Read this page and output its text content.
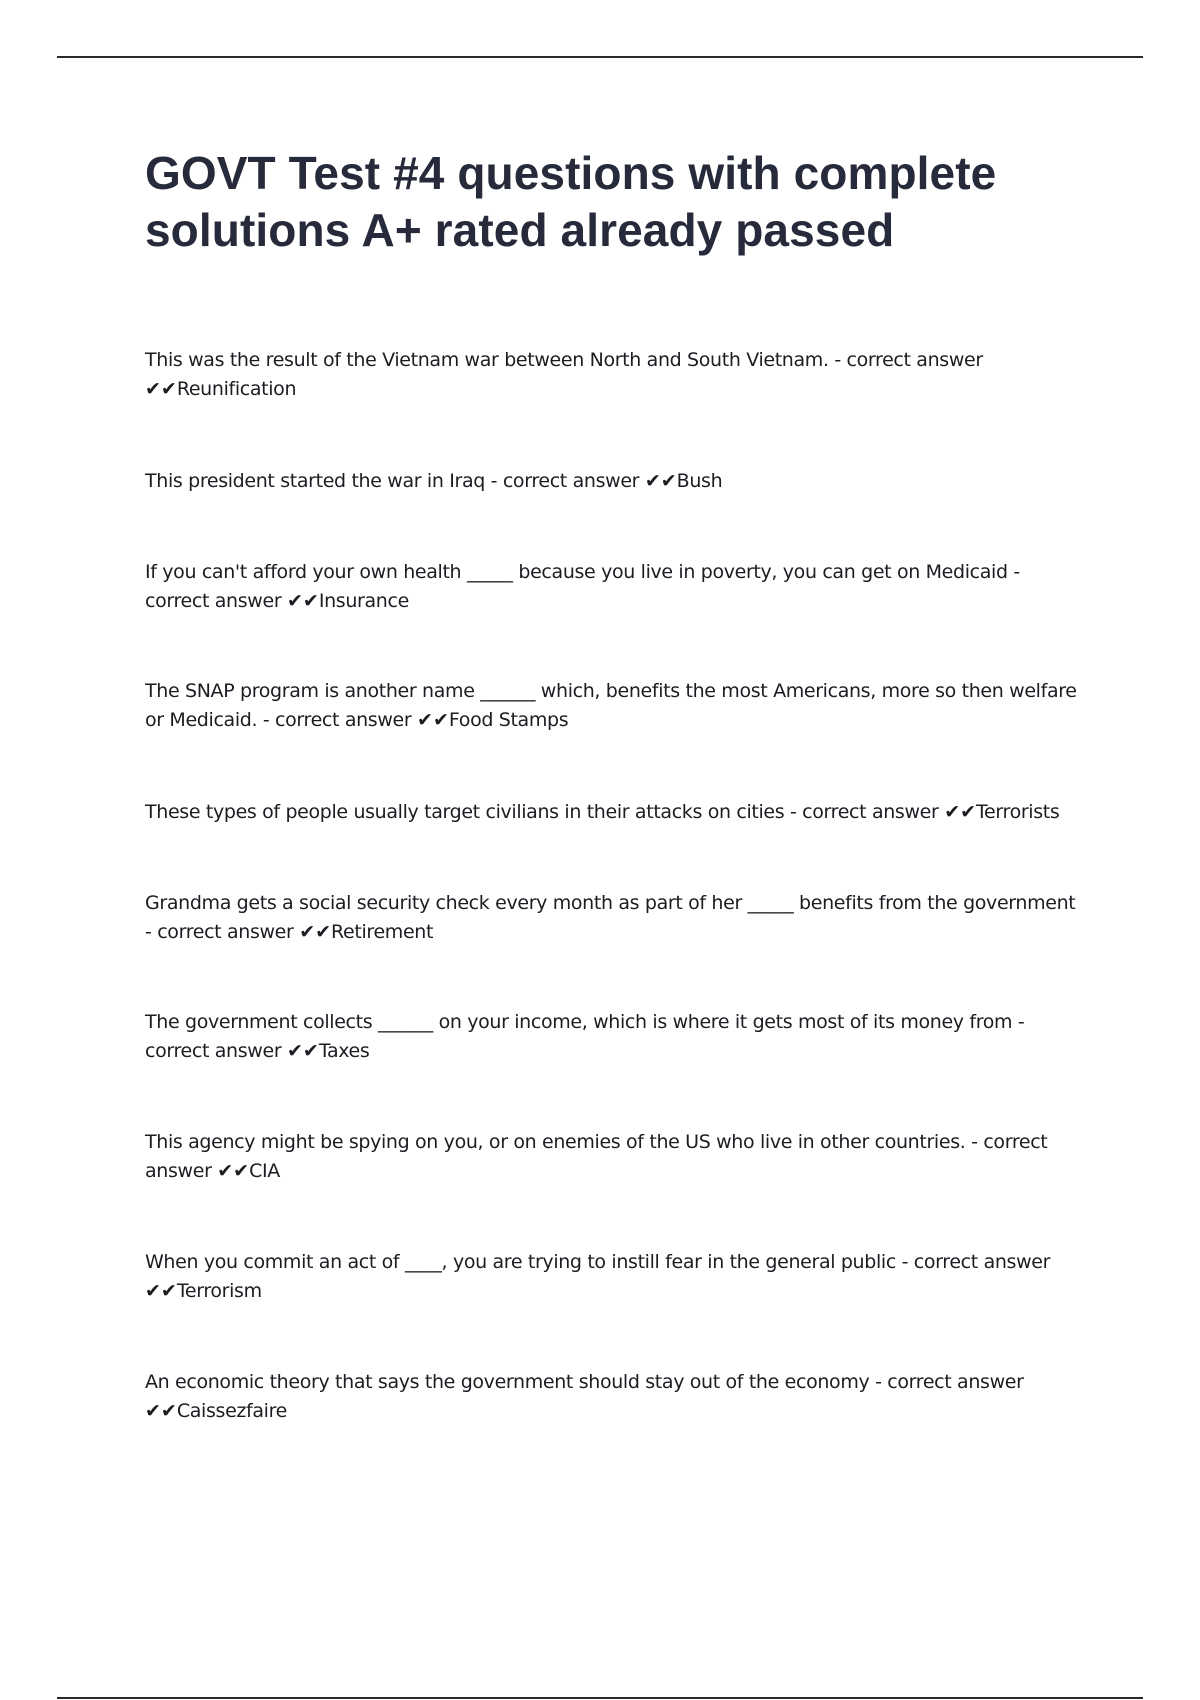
GOVT Test #4 questions with complete solutions A+ rated already passed

This was the result of the Vietnam war between North and South Vietnam. - correct answer ✔✔Reunification

This president started the war in Iraq - correct answer ✔✔Bush

If you can't afford your own health _____ because you live in poverty, you can get on Medicaid - correct answer ✔✔Insurance

The SNAP program is another name ______ which, benefits the most Americans, more so then welfare or Medicaid. - correct answer ✔✔Food Stamps

These types of people usually target civilians in their attacks on cities - correct answer ✔✔Terrorists

Grandma gets a social security check every month as part of her _____ benefits from the government - correct answer ✔✔Retirement

The government collects ______ on your income, which is where it gets most of its money from - correct answer ✔✔Taxes

This agency might be spying on you, or on enemies of the US who live in other countries. - correct answer ✔✔CIA

When you commit an act of ____, you are trying to instill fear in the general public - correct answer ✔✔Terrorism

An economic theory that says the government should stay out of the economy - correct answer ✔✔Caissezfaire
